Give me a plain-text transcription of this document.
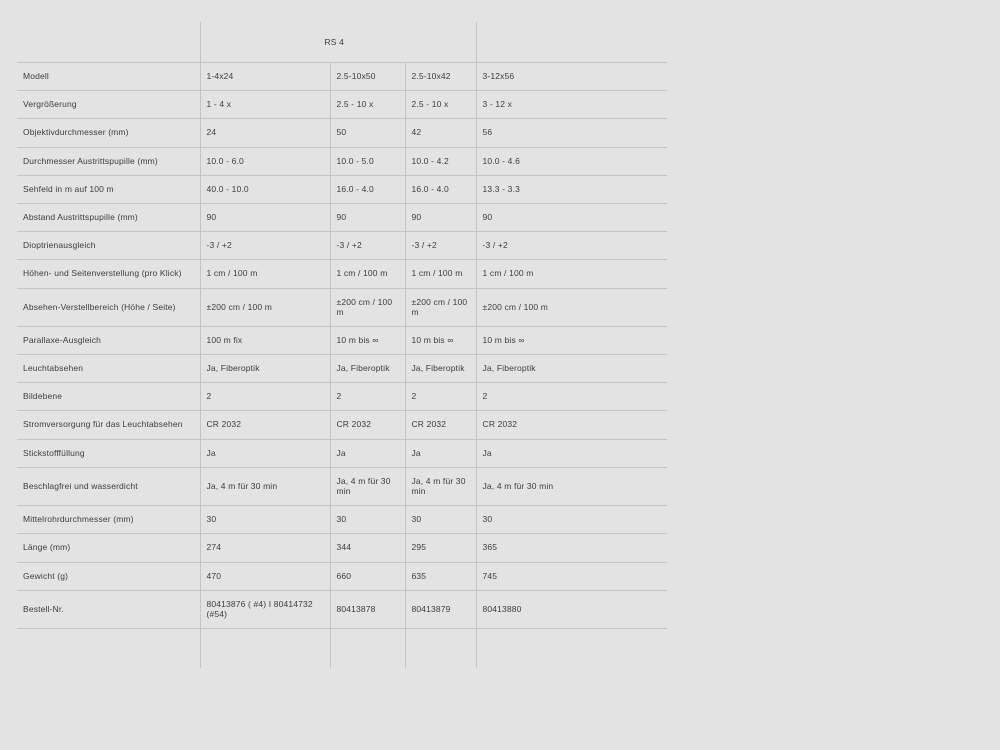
	RS 4			
Modell	1-4x24	2.5-10x50	2.5-10x42	3-12x56
Vergrößerung	1 - 4 x	2.5 - 10 x	2.5 - 10 x	3 - 12 x
Objektivdurchmesser (mm)	24	50	42	56
Durchmesser Austrittspupille (mm)	10.0 - 6.0	10.0 - 5.0	10.0 - 4.2	10.0 - 4.6
Sehfeld in m auf 100 m	40.0 - 10.0	16.0 - 4.0	16.0 - 4.0	13.3 - 3.3
Abstand Austrittspupille (mm)	90	90	90	90
Dioptrienausgleich	-3 / +2	-3 / +2	-3 / +2	-3 / +2
Höhen- und Seitenverstellung (pro Klick)	1 cm / 100 m	1 cm / 100 m	1 cm / 100 m	1 cm / 100 m
Absehen-Verstellbereich (Höhe / Seite)	±200 cm / 100 m	±200 cm / 100 m	±200 cm / 100 m	±200 cm / 100 m
Parallaxe-Ausgleich	100 m fix	10 m bis ∞	10 m bis ∞	10 m bis ∞
Leuchtabsehen	Ja, Fiberoptik	Ja, Fiberoptik	Ja, Fiberoptik	Ja, Fiberoptik
Bildebene	2	2	2	2
Stromversorgung für das Leuchtabsehen	CR 2032	CR 2032	CR 2032	CR 2032
Stickstofffüllung	Ja	Ja	Ja	Ja
Beschlagfrei und wasserdicht	Ja, 4 m für 30 min	Ja, 4 m für 30 min	Ja, 4 m für 30 min	Ja, 4 m für 30 min
Mittelrohrdurchmesser (mm)	30	30	30	30
Länge (mm)	274	344	295	365
Gewicht (g)	470	660	635	745
Bestell-Nr.	80413876 ( #4) I 80414732 (#54)	80413878	80413879	80413880
